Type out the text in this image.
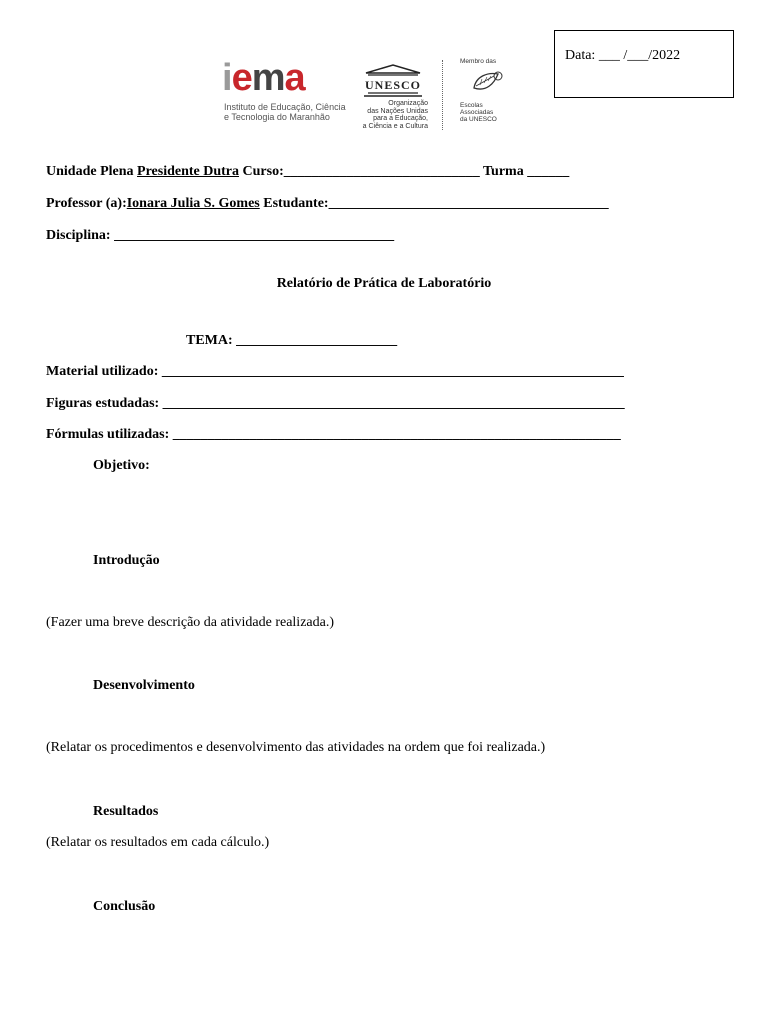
Data: ___ /___/2022
iema
Instituto de Educação, Ciência
e Tecnologia do Maranhão
UNESCO
Organização
das Nações Unidas
para a Educação,
a Ciência e a Cultura
Membro das
Escolas
Associadas
da UNESCO
Unidade Plena Presidente Dutra Curso:____________________________ Turma ______
Professor (a):Ionara Julia S. Gomes Estudante:________________________________________
Disciplina: ________________________________________
Relatório de Prática de Laboratório
TEMA: _______________________
Material utilizado: __________________________________________________________________
Figuras estudadas: __________________________________________________________________
Fórmulas utilizadas: ________________________________________________________________
Objetivo:
Introdução
(Fazer uma breve descrição da atividade realizada.)
Desenvolvimento
(Relatar os procedimentos e desenvolvimento das atividades na ordem que foi realizada.)
Resultados
(Relatar os resultados em cada cálculo.)
Conclusão
